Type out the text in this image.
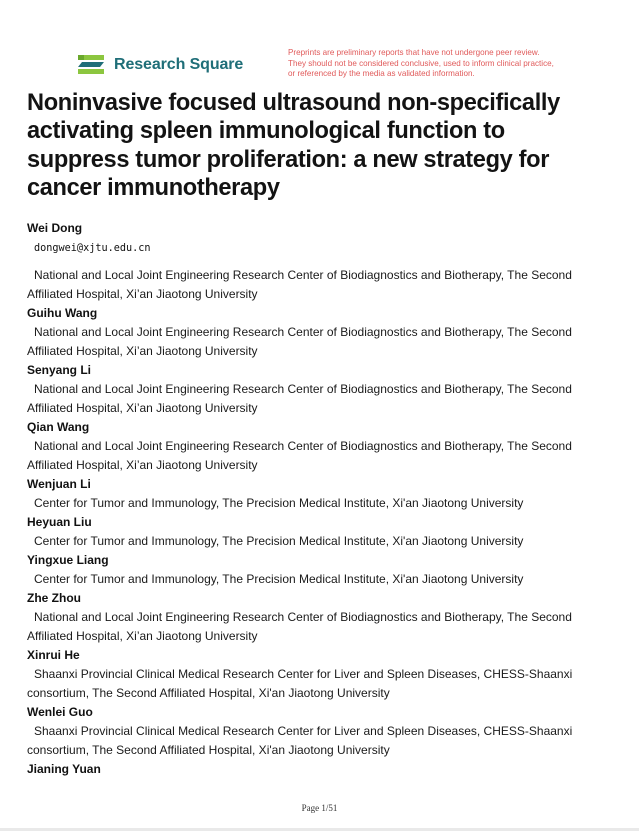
Research Square
Preprints are preliminary reports that have not undergone peer review.
They should not be considered conclusive, used to inform clinical practice,
or referenced by the media as validated information.
Noninvasive focused ultrasound non-specifically activating spleen immunological function to suppress tumor proliferation: a new strategy for cancer immunotherapy
Wei Dong
dongwei@xjtu.edu.cn
National and Local Joint Engineering Research Center of Biodiagnostics and Biotherapy, The Second Affiliated Hospital, Xi’an Jiaotong University
Guihu Wang
National and Local Joint Engineering Research Center of Biodiagnostics and Biotherapy, The Second Affiliated Hospital, Xi’an Jiaotong University
Senyang Li
National and Local Joint Engineering Research Center of Biodiagnostics and Biotherapy, The Second Affiliated Hospital, Xi’an Jiaotong University
Qian Wang
National and Local Joint Engineering Research Center of Biodiagnostics and Biotherapy, The Second Affiliated Hospital, Xi’an Jiaotong University
Wenjuan Li
Center for Tumor and Immunology, The Precision Medical Institute, Xi'an Jiaotong University
Heyuan Liu
Center for Tumor and Immunology, The Precision Medical Institute, Xi'an Jiaotong University
Yingxue Liang
Center for Tumor and Immunology, The Precision Medical Institute, Xi'an Jiaotong University
Zhe Zhou
National and Local Joint Engineering Research Center of Biodiagnostics and Biotherapy, The Second Affiliated Hospital, Xi’an Jiaotong University
Xinrui He
Shaanxi Provincial Clinical Medical Research Center for Liver and Spleen Diseases, CHESS-Shaanxi consortium, The Second Affiliated Hospital, Xi'an Jiaotong University
Wenlei Guo
Shaanxi Provincial Clinical Medical Research Center for Liver and Spleen Diseases, CHESS-Shaanxi consortium, The Second Affiliated Hospital, Xi'an Jiaotong University
Jianing Yuan
Page 1/51
